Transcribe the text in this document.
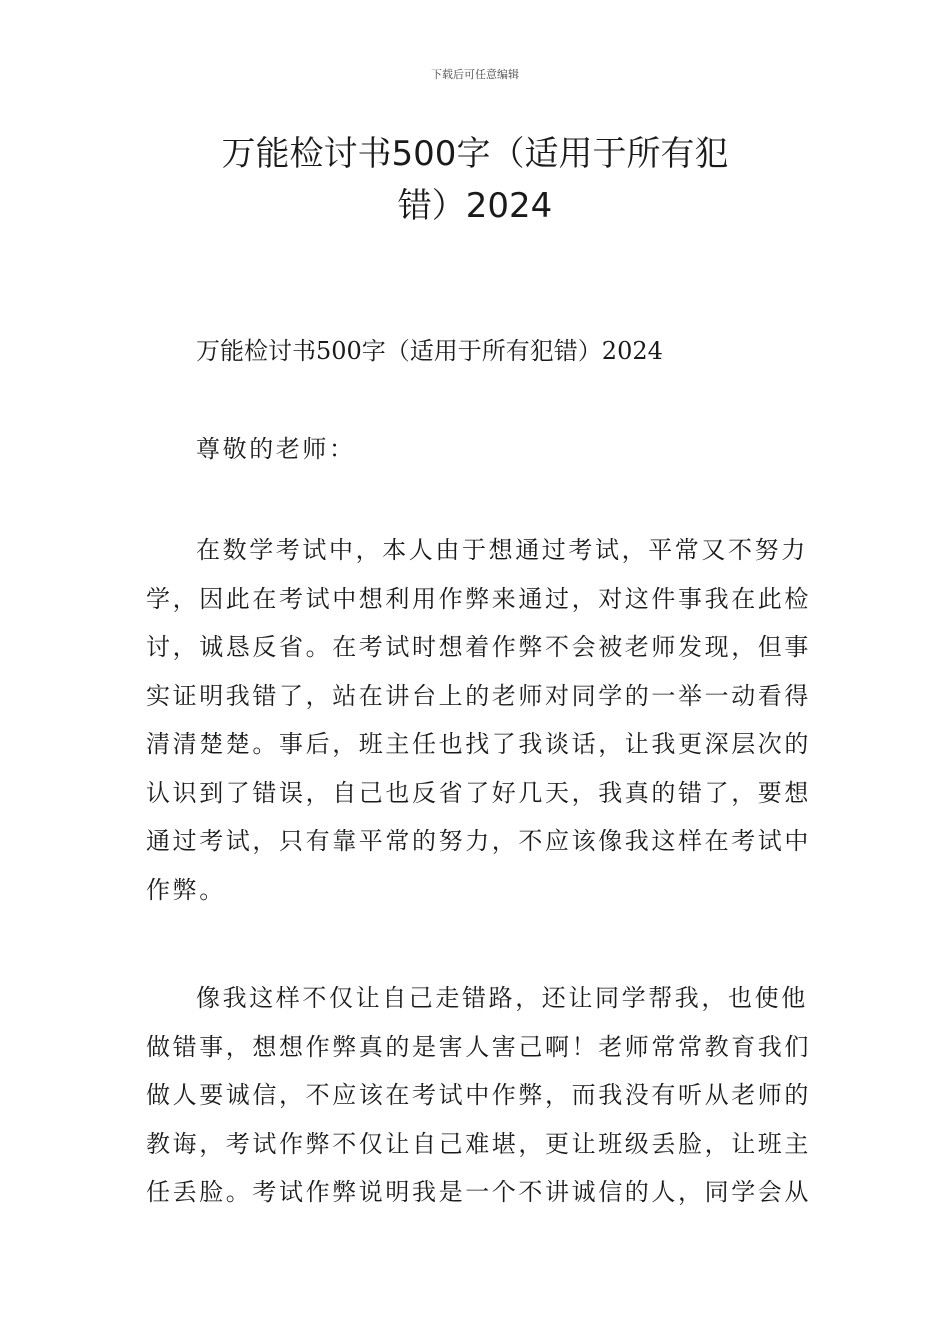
下载后可任意编辑
万能检讨书500字（适用于所有犯
错）2024

万能检讨书500字（适用于所有犯错）2024

尊敬的老师：

在数学考试中，本人由于想通过考试，平常又不努力
学，因此在考试中想利用作弊来通过，对这件事我在此检
讨，诚恳反省。在考试时想着作弊不会被老师发现，但事
实证明我错了，站在讲台上的老师对同学的一举一动看得
清清楚楚。事后，班主任也找了我谈话，让我更深层次的
认识到了错误，自己也反省了好几天，我真的错了，要想
通过考试，只有靠平常的努力，不应该像我这样在考试中
作弊。

像我这样不仅让自己走错路，还让同学帮我，也使他
做错事，想想作弊真的是害人害己啊！老师常常教育我们
做人要诚信，不应该在考试中作弊，而我没有听从老师的
教诲，考试作弊不仅让自己难堪，更让班级丢脸，让班主
任丢脸。考试作弊说明我是一个不讲诚信的人，同学会从
